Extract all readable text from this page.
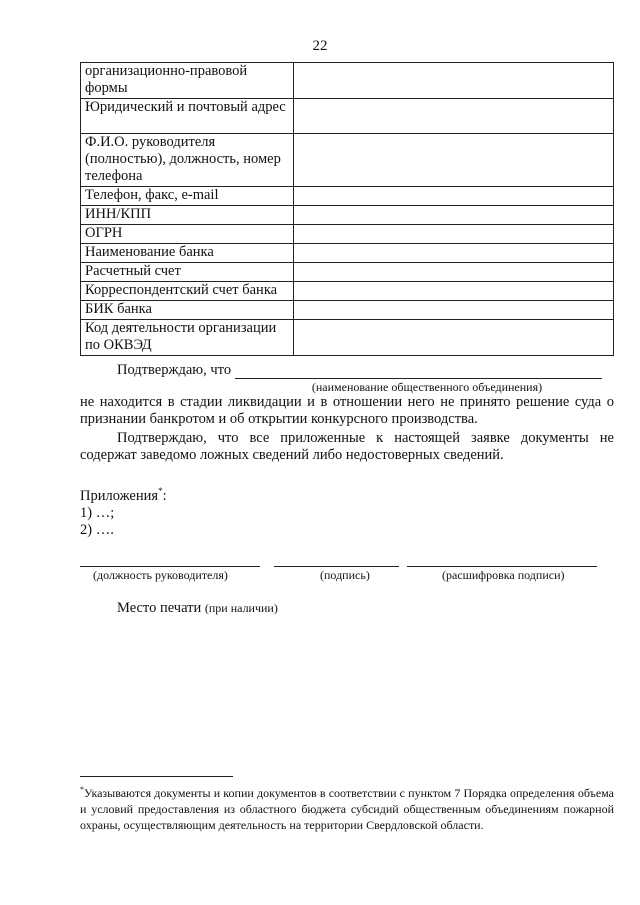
22
организационно-правовой формы	
Юридический и почтовый адрес	
Ф.И.О. руководителя (полностью), должность, номер телефона	
Телефон, факс, e-mail	
ИНН/КПП	
ОГРН	
Наименование банка	
Расчетный счет	
Корреспондентский счет банка	
БИК банка	
Код деятельности организации по ОКВЭД	
Подтверждаю, что
(наименование общественного объединения)
не находится в стадии ликвидации и в отношении него не принято решение суда о признании банкротом и об открытии конкурсного производства.
Подтверждаю, что все приложенные к настоящей заявке документы не содержат заведомо ложных сведений либо недостоверных сведений.
Приложения*:
1) …;
2) ….
(должность руководителя)	(подпись)	(расшифровка подписи)
Место печати (при наличии)
*Указываются документы и копии документов в соответствии с пунктом 7 Порядка определения объема и условий предоставления из областного бюджета субсидий общественным объединениям пожарной охраны, осуществляющим деятельность на территории Свердловской области.
